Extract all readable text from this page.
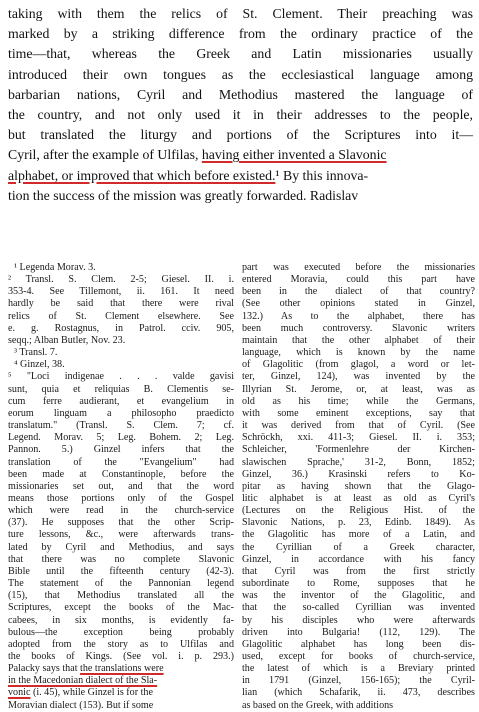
taking with them the relics of St. Clement. Their preaching was
marked by a striking difference from the ordinary practice of the
time—that, whereas the Greek and Latin missionaries usually
introduced their own tongues as the ecclesiastical language among
barbarian nations, Cyril and Methodius mastered the language of
the country, and not only used it in their addresses to the people,
but translated the liturgy and portions of the Scriptures into it—
Cyril, after the example of Ulfilas, having either invented a Slavonic
alphabet, or improved that which before existed.¹ By this innova-
tion the success of the mission was greatly forwarded. Radislav
¹ Legenda Morav. 3.
² Transl. S. Clem. 2-5; Giesel. II. i.
353-4. See Tillemont, ii. 161. It need
hardly be said that there were rival
relics of St. Clement elsewhere. See
e. g. Rostagnus, in Patrol. cciv. 905,
seqq.; Alban Butler, Nov. 23.
³ Transl. 7.
⁴ Ginzel, 38.
⁵ "Loci indigenae . . . valde gavisi
sunt, quia et reliquias B. Clementis se-
cum ferre audierant, et evangelium in
eorum linguam a philosopho praedicto
translatum." (Transl. S. Clem. 7; cf.
Legend. Morav. 5; Leg. Bohem. 2; Leg.
Pannon. 5.) Ginzel infers that the
translation of the "Evangelium" had
been made at Constantinople, before the
missionaries set out, and that the word
means those portions only of the Gospel
which were read in the church-service
(37). He supposes that the other Scrip-
ture lessons, &c., were afterwards trans-
lated by Cyril and Methodius, and says
that there was no complete Slavonic
Bible until the fifteenth century (42-3).
The statement of the Pannonian legend
(15), that Methodius translated all the
Scriptures, except the books of the Mac-
cabees, in six months, is evidently fa-
bulous—the exception being probably
adopted from the story as to Ulfilas and
the books of Kings. (See vol. i. p. 293.)
Palacky says that the translations were
in the Macedonian dialect of the Sla-
vonic (i. 45), while Ginzel is for the
Moravian dialect (153). But if some
part was executed before the missionaries
entered Moravia, could this part have
been in the dialect of that country?
(See other opinions stated in Ginzel,
132.) As to the alphabet, there has
been much controversy. Slavonic writers
maintain that the other alphabet of their
language, which is known by the name
of Glagolitic (from glagol, a word or let-
ter, Ginzel, 124), was invented by the
Illyrian St. Jerome, or, at least, was as
old as his time; while the Germans,
with some eminent exceptions, say that
it was derived from that of Cyril. (See
Schröckh, xxi. 411-3; Giesel. II. i. 353;
Schleicher, 'Formenlehre der Kirchen-
slawischen Sprache,' 31-2, Bonn, 1852;
Ginzel, 36.) Krasinski refers to Ko-
pitar as having shown that the Glago-
litic alphabet is at least as old as Cyril's
(Lectures on the Religious Hist. of the
Slavonic Nations, p. 23, Edinb. 1849). As
the Glagolitic has more of a Latin, and
the Cyrillian of a Greek character,
Ginzel, in accordance with his fancy
that Cyril was from the first strictly
subordinate to Rome, supposes that he
was the inventor of the Glagolitic, and
that the so-called Cyrillian was invented
by his disciples who were afterwards
driven into Bulgaria! (112, 129). The
Glagolitic alphabet has long been dis-
used, except for books of church-service,
the latest of which is a Breviary printed
in 1791 (Ginzel, 156-165); the Cyril-
lian (which Schafarik, ii. 473, describes
as based on the Greek, with additions
